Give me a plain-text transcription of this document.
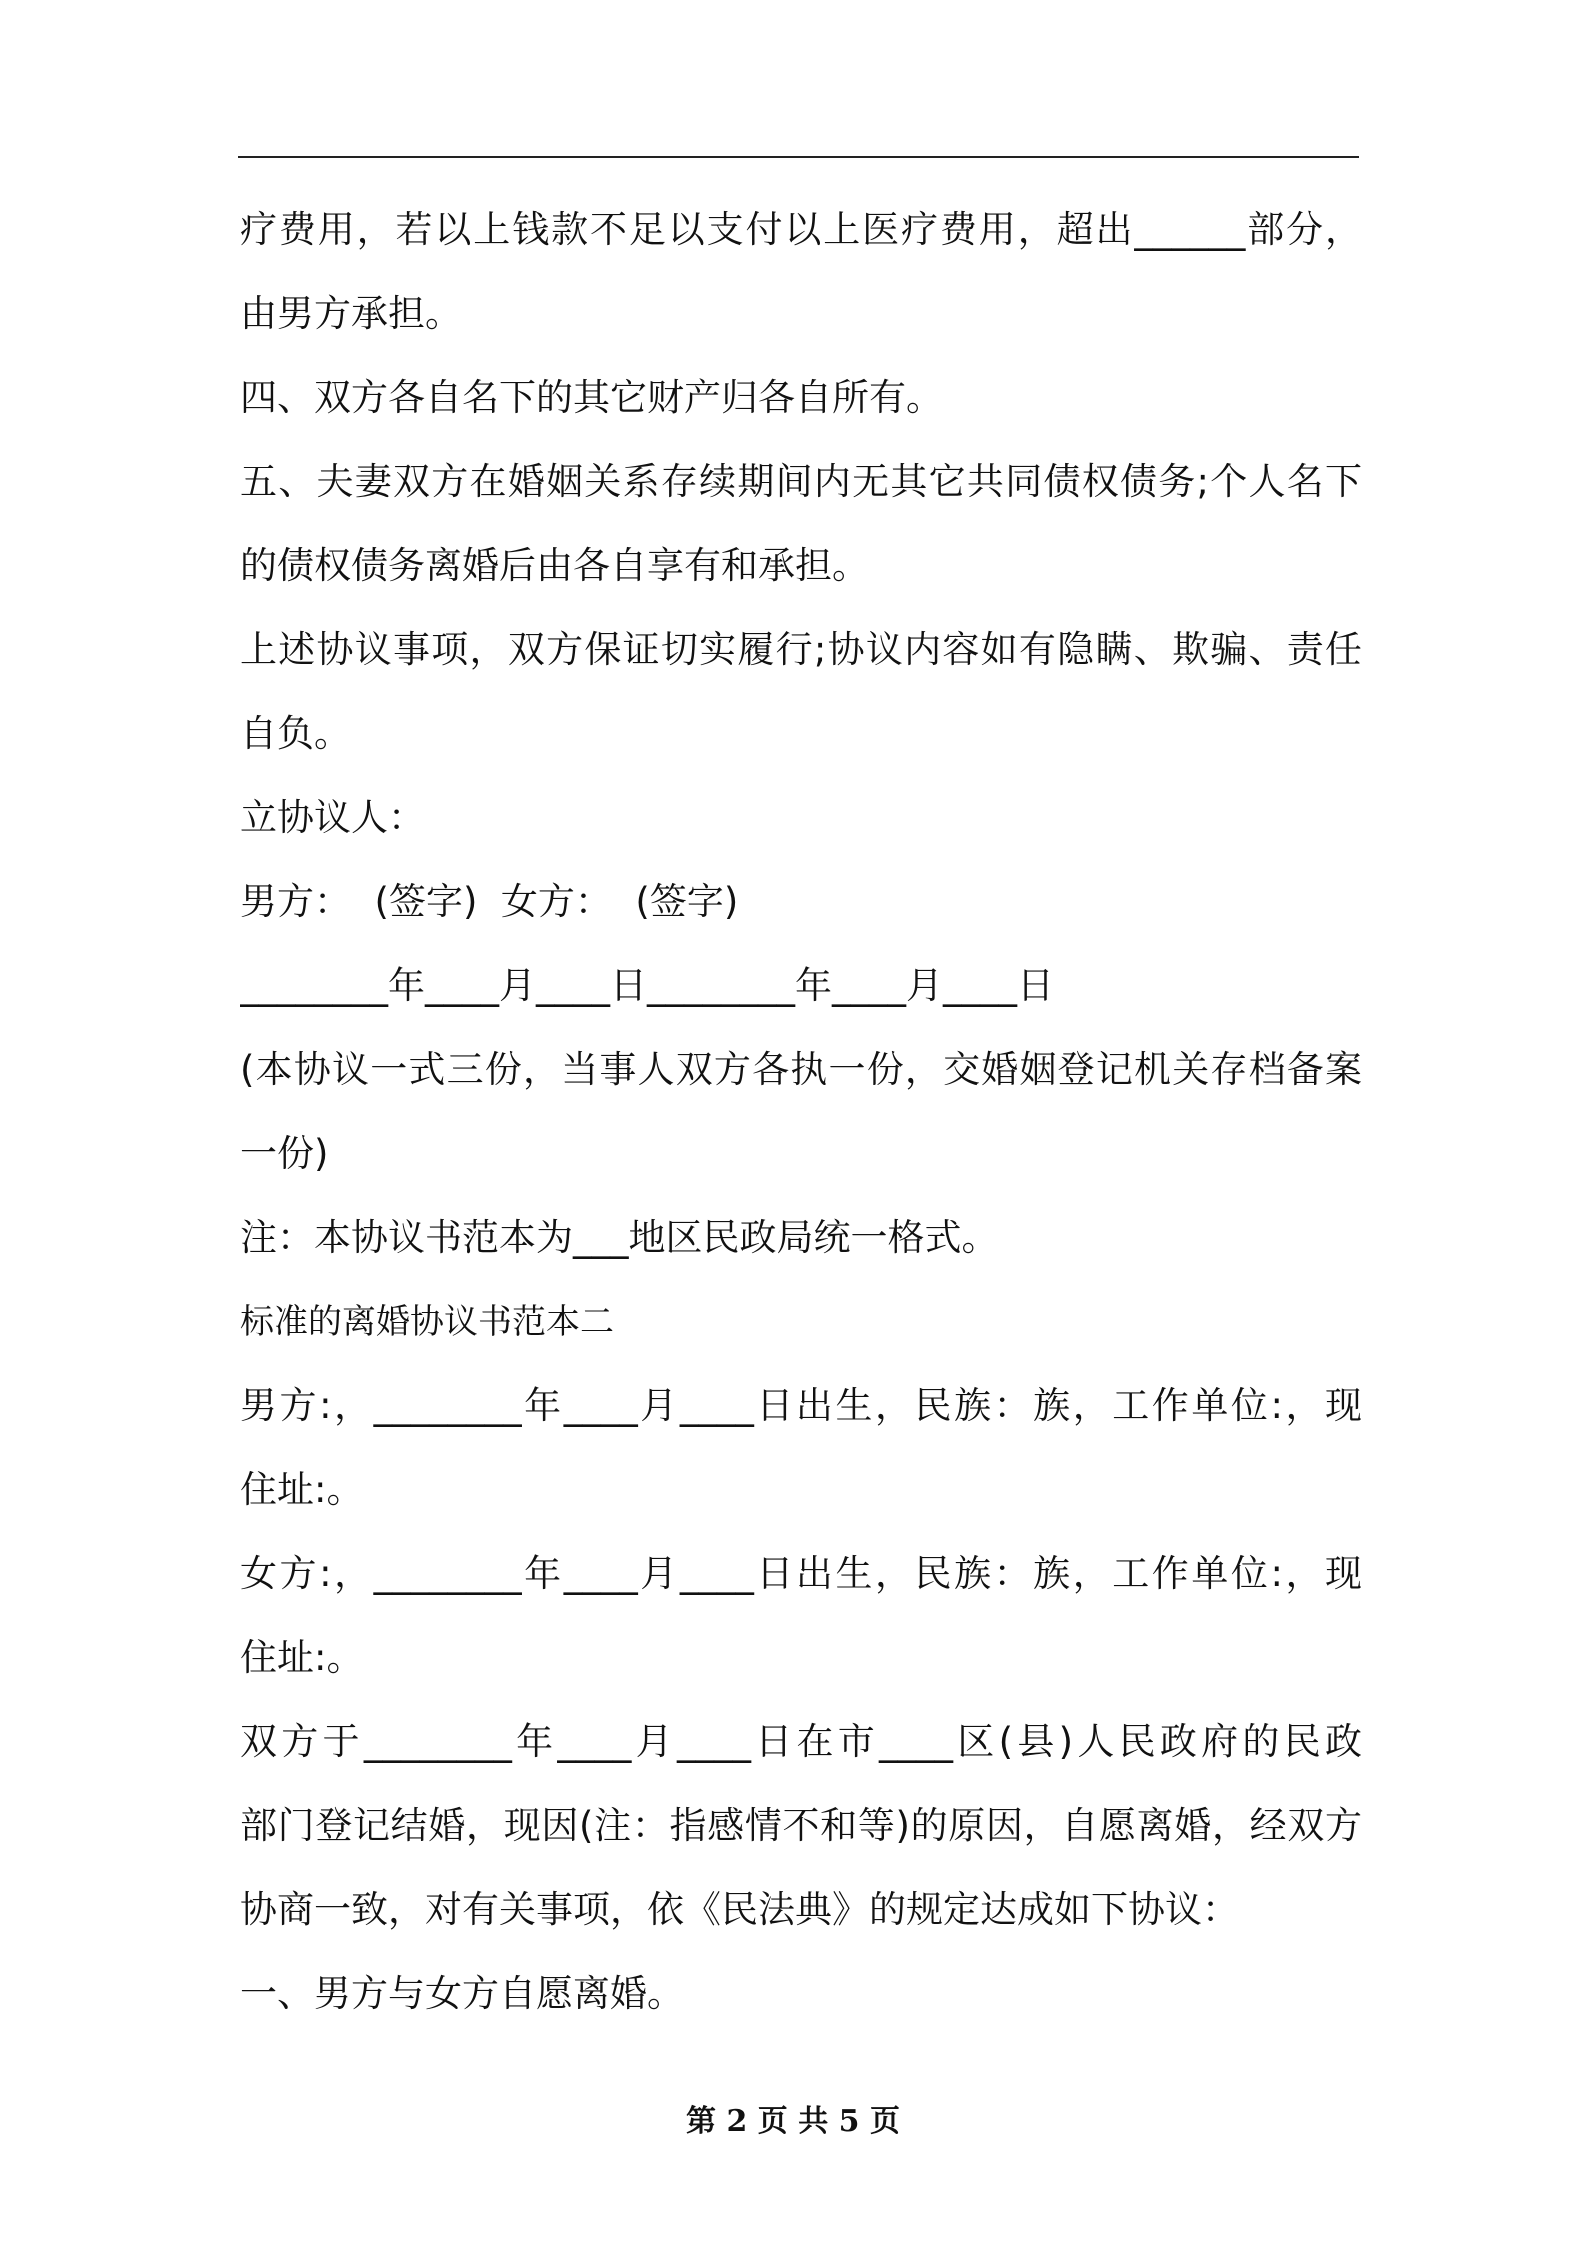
疗费用，若以上钱款不足以支付以上医疗费用，超出______部分，
由男方承担。
四、双方各自名下的其它财产归各自所有。
五、夫妻双方在婚姻关系存续期间内无其它共同债权债务;个人名下
的债权债务离婚后由各自享有和承担。
上述协议事项，双方保证切实履行;协议内容如有隐瞒、欺骗、责任
自负。
立协议人：
男方：  (签字)  女方：  (签字)
________年____月____日________年____月____日
(本协议一式三份，当事人双方各执一份，交婚姻登记机关存档备案
一份)
注：本协议书范本为___地区民政局统一格式。
标准的离婚协议书范本二
男方:，________年____月____日出生，民族：族，工作单位:，现
住址:。
女方:，________年____月____日出生，民族：族，工作单位:，现
住址:。
双方于________年____月____日在市____区(县)人民政府的民政
部门登记结婚，现因(注：指感情不和等)的原因，自愿离婚，经双方
协商一致，对有关事项，依《民法典》的规定达成如下协议：
一、男方与女方自愿离婚。
第 2 页 共 5 页
